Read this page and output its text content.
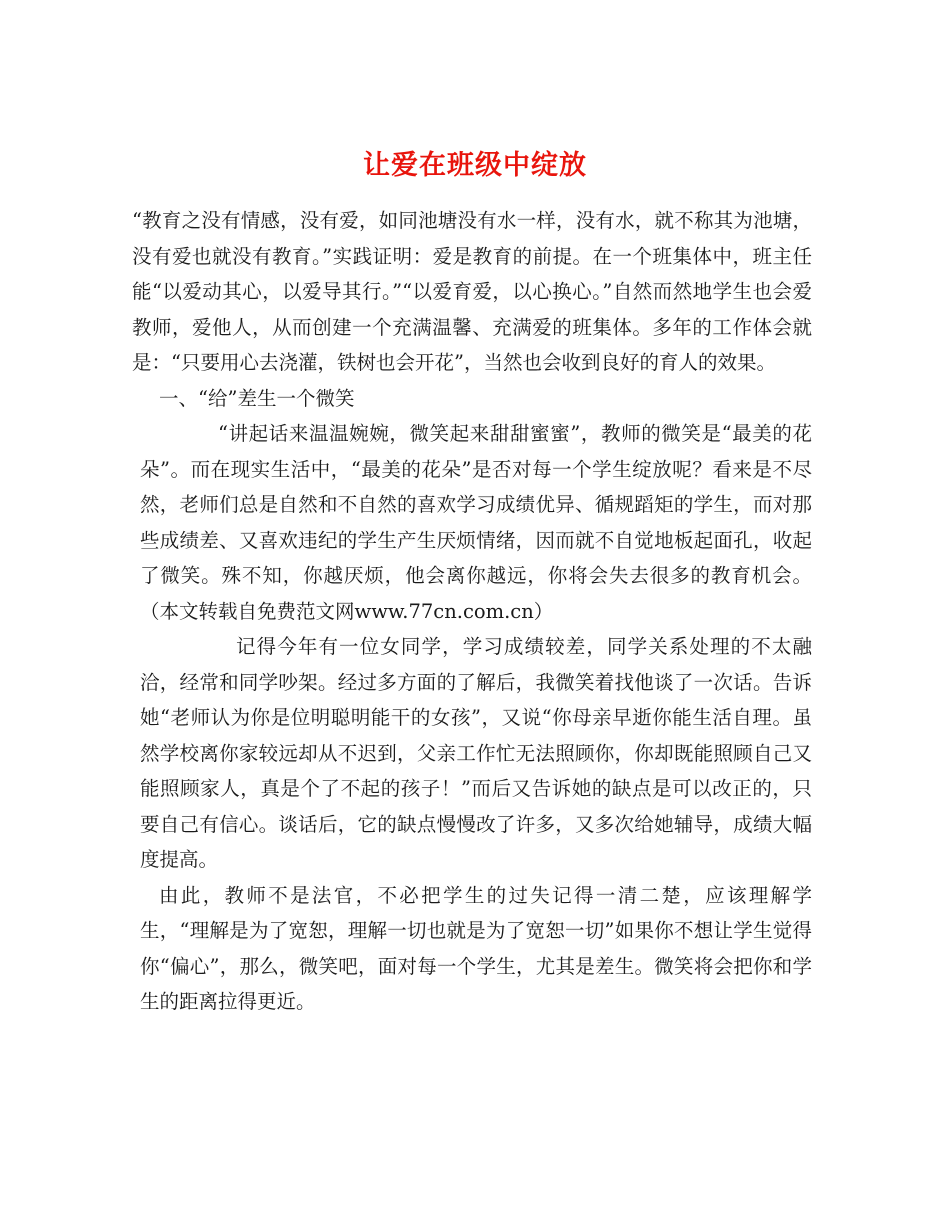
让爱在班级中绽放

“教育之没有情感，没有爱，如同池塘没有水一样，没有水，就不称其为池塘，没有爱也就没有教育。”实践证明：爱是教育的前提。在一个班集体中，班主任能“以爱动其心，以爱导其行。”“以爱育爱，以心换心。”自然而然地学生也会爱教师，爱他人，从而创建一个充满温馨、充满爱的班集体。多年的工作体会就是：“只要用心去浇灌，铁树也会开花”，当然也会收到良好的育人的效果。

一、“给”差生一个微笑

“讲起话来温温婉婉，微笑起来甜甜蜜蜜”，教师的微笑是“最美的花朵”。而在现实生活中，“最美的花朵”是否对每一个学生绽放呢？看来是不尽然，老师们总是自然和不自然的喜欢学习成绩优异、循规蹈矩的学生，而对那些成绩差、又喜欢违纪的学生产生厌烦情绪，因而就不自觉地板起面孔，收起了微笑。殊不知，你越厌烦，他会离你越远，你将会失去很多的教育机会。（本文转载自免费范文网www.77cn.com.cn）

记得今年有一位女同学，学习成绩较差，同学关系处理的不太融洽，经常和同学吵架。经过多方面的了解后，我微笑着找他谈了一次话。告诉她“老师认为你是位明聪明能干的女孩”，又说“你母亲早逝你能生活自理。虽然学校离你家较远却从不迟到，父亲工作忙无法照顾你，你却既能照顾自己又能照顾家人，真是个了不起的孩子！”而后又告诉她的缺点是可以改正的，只要自己有信心。谈话后，它的缺点慢慢改了许多，又多次给她辅导，成绩大幅度提高。

由此，教师不是法官，不必把学生的过失记得一清二楚，应该理解学生，“理解是为了宽恕，理解一切也就是为了宽恕一切”如果你不想让学生觉得你“偏心”，那么，微笑吧，面对每一个学生，尤其是差生。微笑将会把你和学生的距离拉得更近。
